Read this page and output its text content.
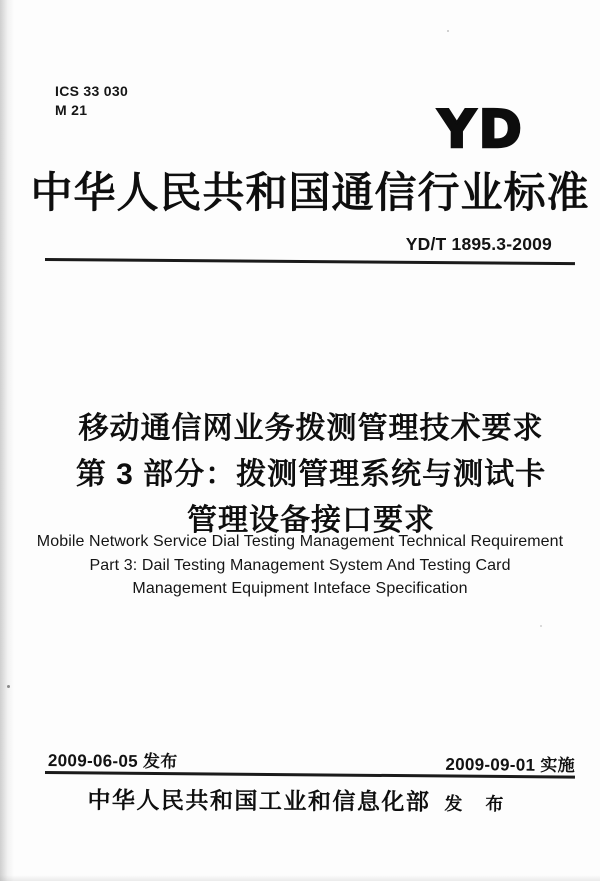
ICS 33 030
M 21	YD
中华人民共和国通信行业标准
YD/T 1895.3-2009
移动通信网业务拨测管理技术要求
第 3 部分：拨测管理系统与测试卡
管理设备接口要求
Mobile Network Service Dial Testing Management Technical Requirement
Part 3: Dail Testing Management System And Testing Card
Management Equipment Inteface Specification
2009-06-05 发布	2009-09-01 实施
中华人民共和国工业和信息化部 发 布
